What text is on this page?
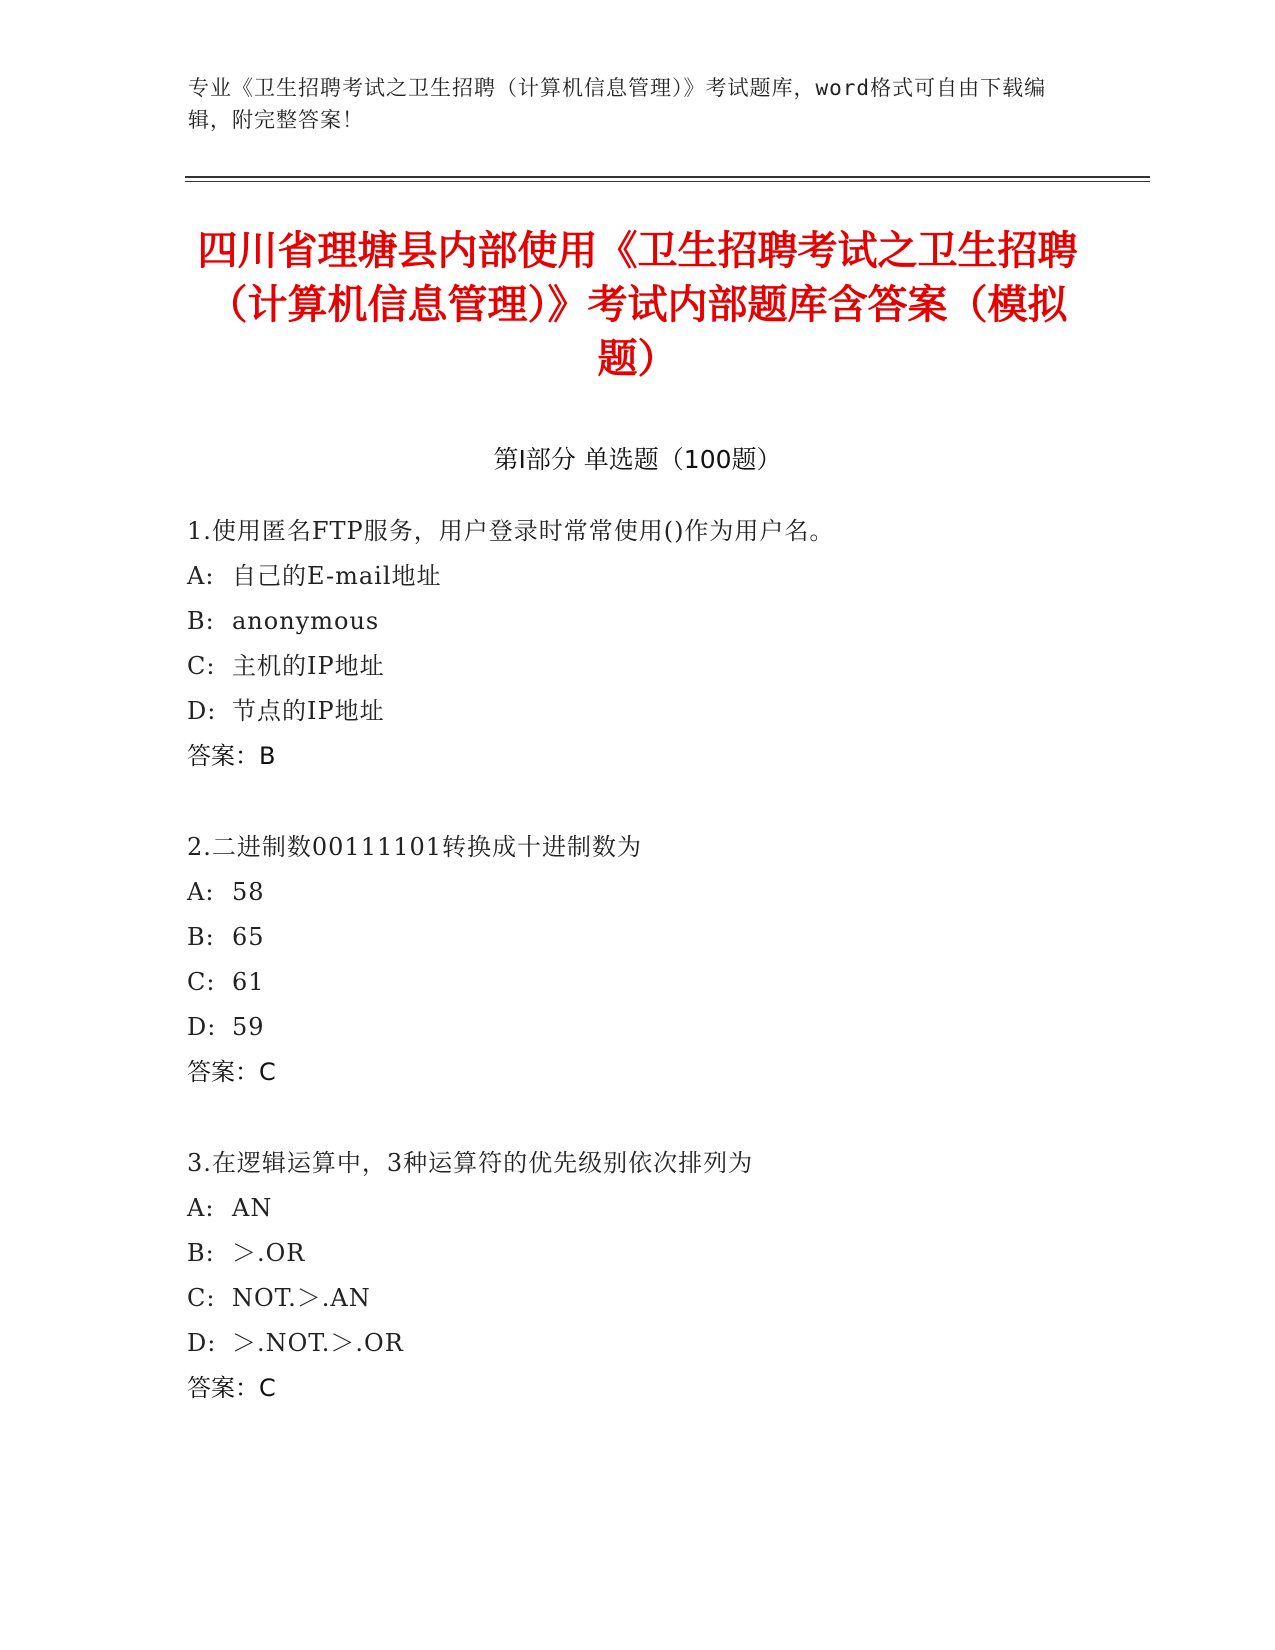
专业《卫生招聘考试之卫生招聘（计算机信息管理）》考试题库，word格式可自由下载编辑，附完整答案！
四川省理塘县内部使用《卫生招聘考试之卫生招聘（计算机信息管理）》考试内部题库含答案（模拟题）
第Ⅰ部分 单选题（100题）
1.使用匿名FTP服务，用户登录时常常使用()作为用户名。
A: 自己的E-mail地址
B: anonymous
C: 主机的IP地址
D: 节点的IP地址
答案：B
2.二进制数00111101转换成十进制数为
A: 58
B: 65
C: 61
D: 59
答案：C
3.在逻辑运算中，3种运算符的优先级别依次排列为
A: AN
B: ＞.OR
C: NOT.＞.AN
D: ＞.NOT.＞.OR
答案：C
